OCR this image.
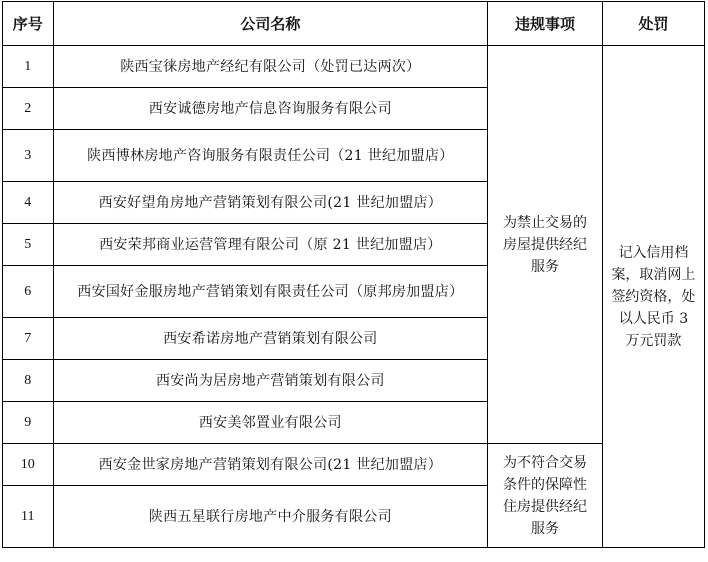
序号	公司名称	违规事项	处罚
1	陕西宝徕房地产经纪有限公司（处罚已达两次）	为禁止交易的房屋提供经纪服务	记入信用档案，取消网上签约资格，处以人民币 3 万元罚款

2	西安诚德房地产信息咨询服务有限公司		
3	陕西博林房地产咨询服务有限责任公司（21 世纪加盟店）		
4	西安好望角房地产营销策划有限公司(21 世纪加盟店）		
5	西安荣邦商业运营管理有限公司（原 21 世纪加盟店）		
6	西安国好金服房地产营销策划有限责任公司（原邦房加盟店）		
7	西安希诺房地产营销策划有限公司		
8	西安尚为居房地产营销策划有限公司		
9	西安美邻置业有限公司		
10	西安金世家房地产营销策划有限公司(21 世纪加盟店）	为不符合交易条件的保障性住房提供经纪服务	

11	陕西五星联行房地产中介服务有限公司		
